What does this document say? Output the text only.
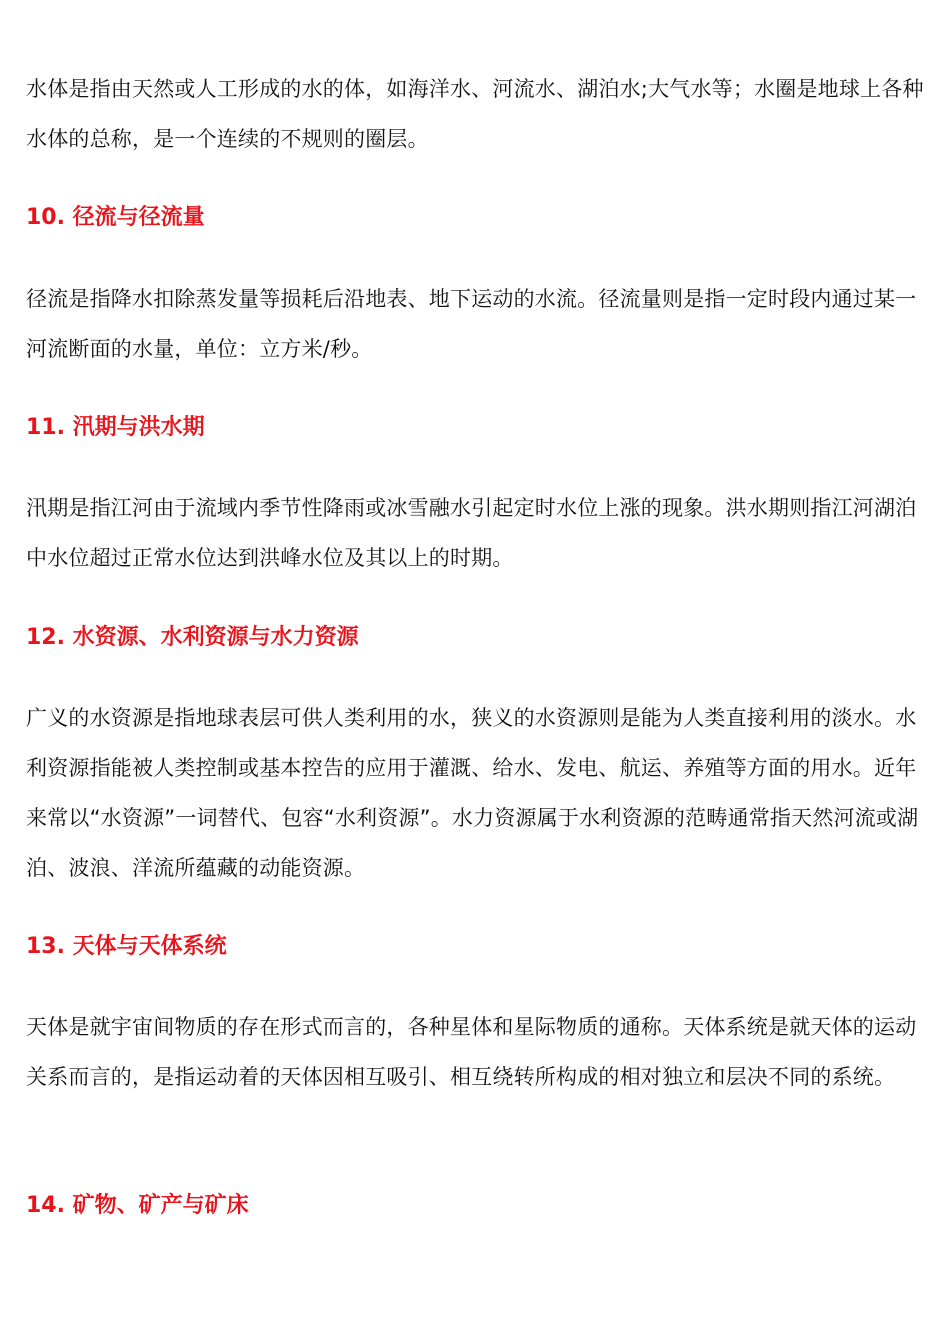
水体是指由天然或人工形成的水的体，如海洋水、河流水、湖泊水;大气水等；水圈是地球上各种水体的总称，是一个连续的不规则的圈层。

10. 径流与径流量

径流是指降水扣除蒸发量等损耗后沿地表、地下运动的水流。径流量则是指一定时段内通过某一河流断面的水量，单位：立方米/秒。

11. 汛期与洪水期

汛期是指江河由于流域内季节性降雨或冰雪融水引起定时水位上涨的现象。洪水期则指江河湖泊中水位超过正常水位达到洪峰水位及其以上的时期。

12. 水资源、水利资源与水力资源

广义的水资源是指地球表层可供人类利用的水，狭义的水资源则是能为人类直接利用的淡水。水利资源指能被人类控制或基本控告的应用于灌溉、给水、发电、航运、养殖等方面的用水。近年来常以“水资源”一词替代、包容“水利资源”。水力资源属于水利资源的范畴通常指天然河流或湖泊、波浪、洋流所蕴藏的动能资源。

13. 天体与天体系统

天体是就宇宙间物质的存在形式而言的，各种星体和星际物质的通称。天体系统是就天体的运动关系而言的，是指运动着的天体因相互吸引、相互绕转所构成的相对独立和层决不同的系统。

14. 矿物、矿产与矿床
